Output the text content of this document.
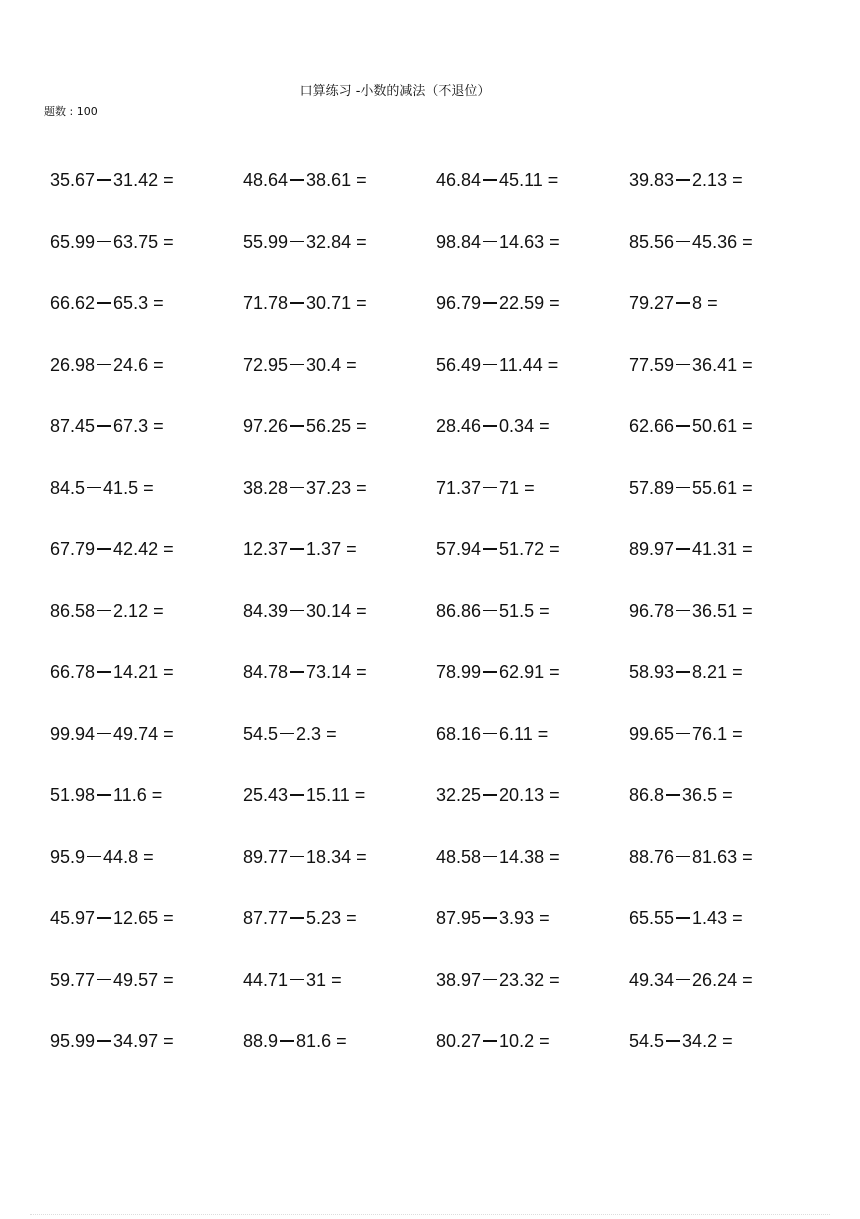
口算练习 -小数的减法（不退位）
题数 : 100
35.67 31.42 =	48.64 38.61 =	46.84 45.11 =	39.83 2.13 =
65.99 63.75 =	55.99 32.84 =	98.84 14.63 =	85.56 45.36 =
66.62 65.3 =	71.78 30.71 =	96.79 22.59 =	79.27 8 =
26.98 24.6 =	72.95 30.4 =	56.49 11.44 =	77.59 36.41 =
87.45 67.3 =	97.26 56.25 =	28.46 0.34 =	62.66 50.61 =
84.5 41.5 =	38.28 37.23 =	71.37 71 =	57.89 55.61 =
67.79 42.42 =	12.37 1.37 =	57.94 51.72 =	89.97 41.31 =
86.58 2.12 =	84.39 30.14 =	86.86 51.5 =	96.78 36.51 =
66.78 14.21 =	84.78 73.14 =	78.99 62.91 =	58.93 8.21 =
99.94 49.74 =	54.5 2.3 =	68.16 6.11 =	99.65 76.1 =
51.98 11.6 =	25.43 15.11 =	32.25 20.13 =	86.8 36.5 =
95.9 44.8 =	89.77 18.34 =	48.58 14.38 =	88.76 81.63 =
45.97 12.65 =	87.77 5.23 =	87.95 3.93 =	65.55 1.43 =
59.77 49.57 =	44.71 31 =	38.97 23.32 =	49.34 26.24 =
95.99 34.97 =	88.9 81.6 =	80.27 10.2 =	54.5 34.2 =
